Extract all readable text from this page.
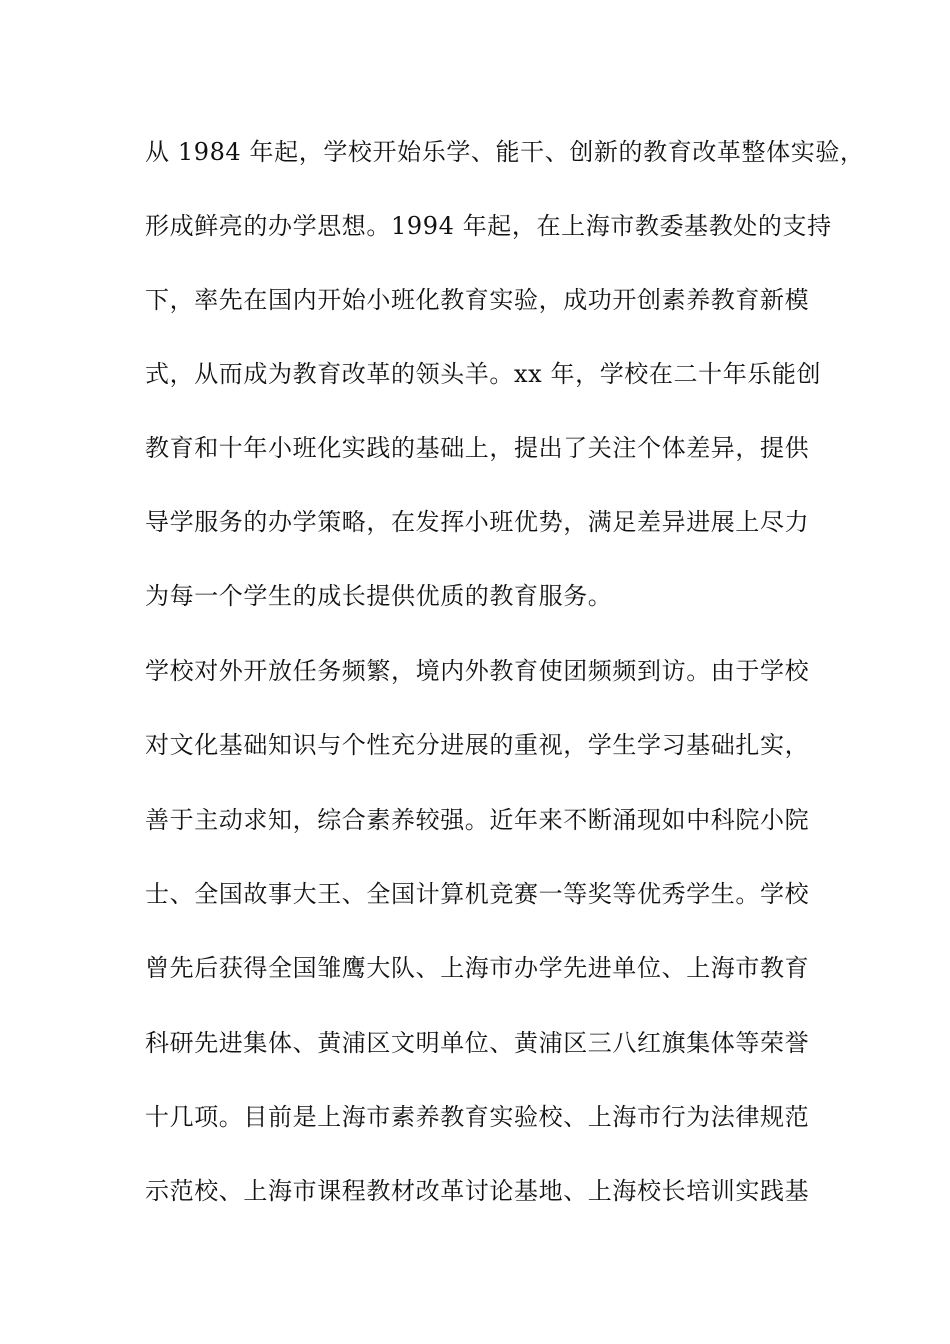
从 1984 年起，学校开始乐学、能干、创新的教育改革整体实验，
形成鲜亮的办学思想。1994 年起，在上海市教委基教处的支持
下，率先在国内开始小班化教育实验，成功开创素养教育新模
式，从而成为教育改革的领头羊。xx 年，学校在二十年乐能创
教育和十年小班化实践的基础上，提出了关注个体差异，提供
导学服务的办学策略，在发挥小班优势，满足差异进展上尽力
为每一个学生的成长提供优质的教育服务。
学校对外开放任务频繁，境内外教育使团频频到访。由于学校
对文化基础知识与个性充分进展的重视，学生学习基础扎实，
善于主动求知，综合素养较强。近年来不断涌现如中科院小院
士、全国故事大王、全国计算机竞赛一等奖等优秀学生。学校
曾先后获得全国雏鹰大队、上海市办学先进单位、上海市教育
科研先进集体、黄浦区文明单位、黄浦区三八红旗集体等荣誉
十几项。目前是上海市素养教育实验校、上海市行为法律规范
示范校、上海市课程教材改革讨论基地、上海校长培训实践基
